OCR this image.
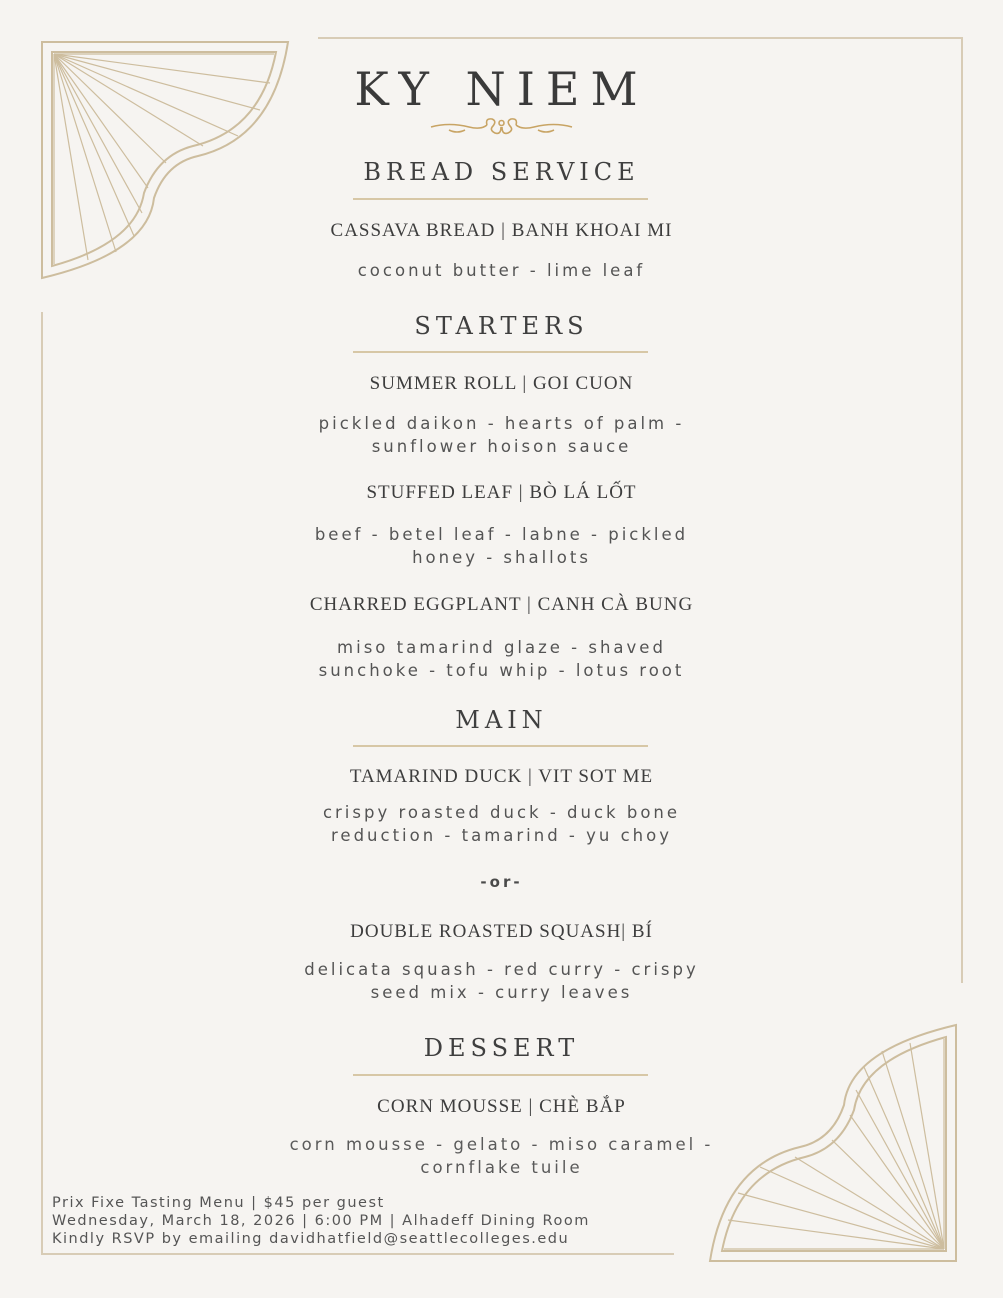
KY NIEM
BREAD SERVICE
CASSAVA BREAD | BANH KHOAI MI
coconut butter - lime leaf
STARTERS
SUMMER ROLL | GOI CUON
pickled daikon - hearts of palm -
sunflower hoison sauce
STUFFED LEAF | BÒ LÁ LỐT
beef - betel leaf - labne - pickled
honey - shallots
CHARRED EGGPLANT | CANH CÀ BUNG
miso tamarind glaze - shaved
sunchoke - tofu whip - lotus root
MAIN
TAMARIND DUCK | VIT SOT ME
crispy roasted duck - duck bone
reduction - tamarind - yu choy
-or-
DOUBLE ROASTED SQUASH| BÍ
delicata squash - red curry - crispy
seed mix - curry leaves
DESSERT
CORN MOUSSE | CHÈ BẮP
corn mousse - gelato - miso caramel -
cornflake tuile
Prix Fixe Tasting Menu | $45 per guest
Wednesday, March 18, 2026 | 6:00 PM | Alhadeff Dining Room
Kindly RSVP by emailing davidhatfield@seattlecolleges.edu
